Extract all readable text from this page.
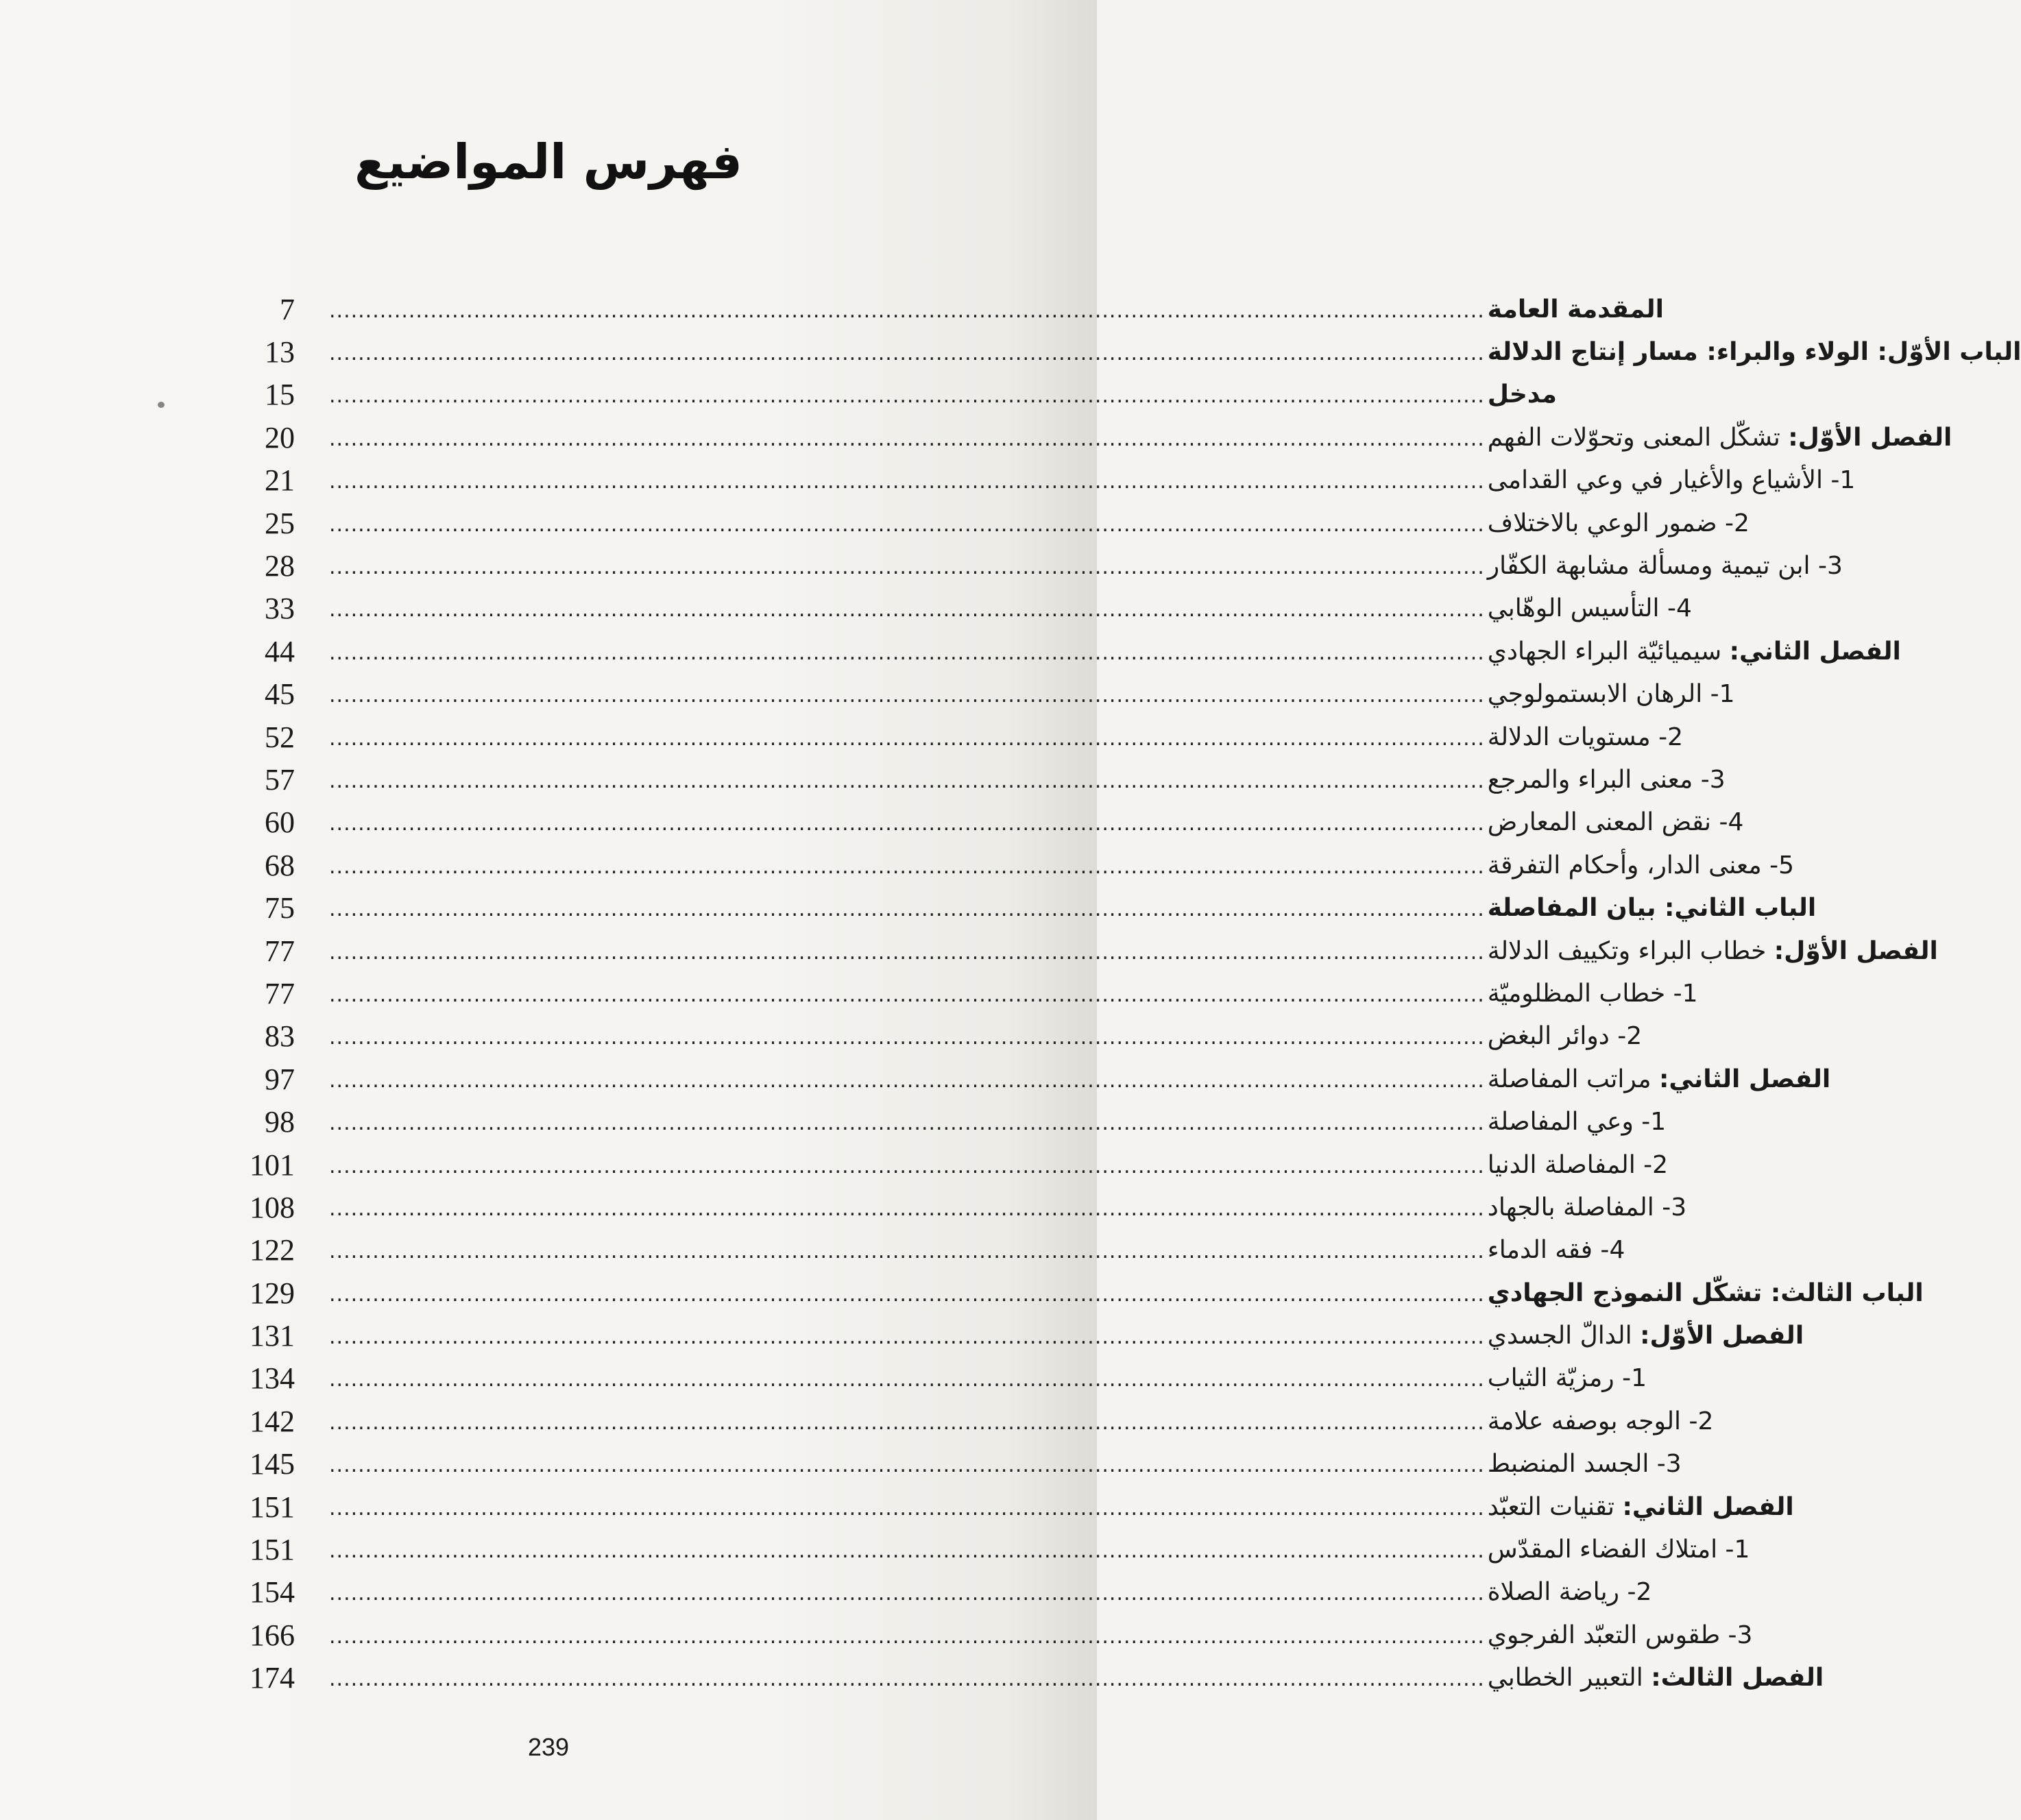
فهرس المواضيع
7	المقدمة العامة
................................................................................................................................................................
13	الباب الأوّل: الولاء والبراء: مسار إنتاج الدلالة
................................................................................................................................................................
15	مدخل
................................................................................................................................................................
20	الفصل الأوّل: تشكّل المعنى وتحوّلات الفهم
................................................................................................................................................................
21	1- الأشياع والأغيار في وعي القدامى
................................................................................................................................................................
25	2- ضمور الوعي بالاختلاف
................................................................................................................................................................
28	3- ابن تيمية ومسألة مشابهة الكفّار
................................................................................................................................................................
33	4- التأسيس الوهّابي
................................................................................................................................................................
44	الفصل الثاني: سيميائيّة البراء الجهادي
................................................................................................................................................................
45	1- الرهان الابستمولوجي
................................................................................................................................................................
52	2- مستويات الدلالة
................................................................................................................................................................
57	3- معنى البراء والمرجع
................................................................................................................................................................
60	4- نقض المعنى المعارض
................................................................................................................................................................
68	5- معنى الدار، وأحكام التفرقة
................................................................................................................................................................
75	الباب الثاني: بيان المفاصلة
................................................................................................................................................................
77	الفصل الأوّل: خطاب البراء وتكييف الدلالة
................................................................................................................................................................
77	1- خطاب المظلوميّة
................................................................................................................................................................
83	2- دوائر البغض
................................................................................................................................................................
97	الفصل الثاني: مراتب المفاصلة
................................................................................................................................................................
98	1- وعي المفاصلة
................................................................................................................................................................
101	2- المفاصلة الدنيا
................................................................................................................................................................
108	3- المفاصلة بالجهاد
................................................................................................................................................................
122	4- فقه الدماء
................................................................................................................................................................
129	الباب الثالث: تشكّل النموذج الجهادي
................................................................................................................................................................
131	الفصل الأوّل: الدالّ الجسدي
................................................................................................................................................................
134	1- رمزيّة الثياب
................................................................................................................................................................
142	2- الوجه بوصفه علامة
................................................................................................................................................................
145	3- الجسد المنضبط
................................................................................................................................................................
151	الفصل الثاني: تقنيات التعبّد
................................................................................................................................................................
151	1- امتلاك الفضاء المقدّس
................................................................................................................................................................
154	2- رياضة الصلاة
................................................................................................................................................................
166	3- طقوس التعبّد الفرجوي
................................................................................................................................................................
174	الفصل الثالث: التعبير الخطابي
................................................................................................................................................................
239
